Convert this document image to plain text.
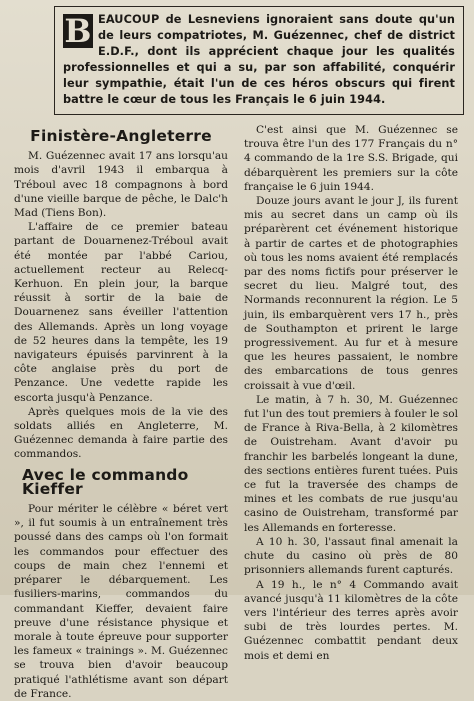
B EAUCOUP de Lesneviens ignoraient sans doute qu'un de leurs compatriotes, M. Guézennec, chef de district E.D.F., dont ils apprécient chaque jour les qualités professionnelles et qui a su, par son affabilité, conquérir leur sympathie, était l'un de ces héros obscurs qui firent battre le cœur de tous les Français le 6 juin 1944.
Finistère-Angleterre

M. Guézennec avait 17 ans lorsqu'au mois d'avril 1943 il embarqua à Tréboul avec 18 compagnons à bord d'une vieille barque de pêche, le Dalc'h Mad (Tiens Bon).

L'affaire de ce premier bateau partant de Douarnenez-Tréboul avait été montée par l'abbé Cariou, actuellement recteur au Relecq-Kerhuon. En plein jour, la barque réussit à sortir de la baie de Douarnenez sans éveiller l'attention des Allemands. Après un long voyage de 52 heures dans la tempête, les 19 navigateurs épuisés parvinrent à la côte anglaise près du port de Penzance. Une vedette rapide les escorta jusqu'à Penzance.

Après quelques mois de la vie des soldats alliés en Angleterre, M. Guézennec demanda à faire partie des commandos.

Avec le commando Kieffer

Pour mériter le célèbre « béret vert », il fut soumis à un entraînement très poussé dans des camps où l'on formait les commandos pour effectuer des coups de main chez l'ennemi et préparer le débarquement. Les fusiliers-marins, commandos du commandant Kieffer, devaient faire preuve d'une résistance physique et morale à toute épreuve pour supporter les fameux « trainings ». M. Guézennec se trouva bien d'avoir beaucoup pratiqué l'athlétisme avant son départ de France.

C'est ainsi que M. Guézennec se trouva être l'un des 177 Français du n° 4 commando de la 1re S.S. Brigade, qui débarquèrent les premiers sur la côte française le 6 juin 1944.

Douze jours avant le jour J, ils furent mis au secret dans un camp où ils préparèrent cet événement historique à partir de cartes et de photographies où tous les noms avaient été remplacés par des noms fictifs pour préserver le secret du lieu. Malgré tout, des Normands reconnurent la région. Le 5 juin, ils embarquèrent vers 17 h., près de Southampton et prirent le large progressivement. Au fur et à mesure que les heures passaient, le nombre des embarcations de tous genres croissait à vue d'œil.

Le matin, à 7 h. 30, M. Guézennec fut l'un des tout premiers à fouler le sol de France à Riva-Bella, à 2 kilomètres de Ouistreham. Avant d'avoir pu franchir les barbelés longeant la dune, des sections entières furent tuées. Puis ce fut la traversée des champs de mines et les combats de rue jusqu'au casino de Ouistreham, transformé par les Allemands en forteresse.

A 10 h. 30, l'assaut final amenait la chute du casino où près de 80 prisonniers allemands furent capturés.

A 19 h., le n° 4 Commando avait avancé jusqu'à 11 kilomètres de la côte vers l'intérieur des terres après avoir subi de très lourdes pertes. M. Guézennec combattit pendant deux mois et demi en
